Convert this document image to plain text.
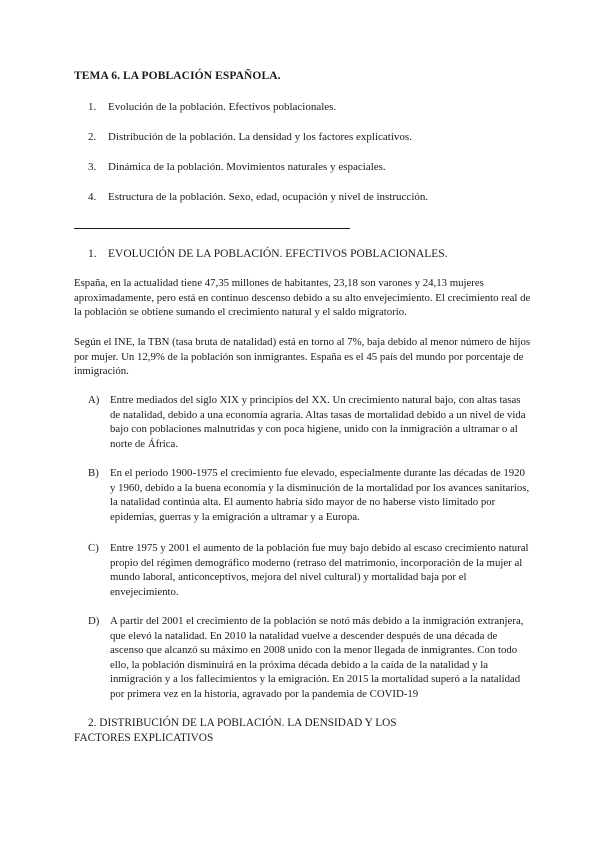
TEMA 6. LA POBLACIÓN ESPAÑOLA.
1.	Evolución de la población. Efectivos poblacionales.
2.	Distribución de la población. La densidad y los factores explicativos.
3.	Dinámica de la población. Movimientos naturales y espaciales.
4.	Estructura de la población. Sexo, edad, ocupación y nivel de instrucción.
1. EVOLUCIÓN DE LA POBLACIÓN. EFECTIVOS POBLACIONALES.
España, en la actualidad tiene 47,35 millones de habitantes, 23,18 son varones y 24,13 mujeres aproximadamente, pero está en continuo descenso debido a su alto envejecimiento. El crecimiento real de la población se obtiene sumando el crecimiento natural y el saldo migratorio.
Según el INE, la TBN (tasa bruta de natalidad) está en torno al 7%, baja debido al menor número de hijos por mujer. Un 12,9% de la población son inmigrantes. España es el 45 país del mundo por porcentaje de inmigración.
A) Entre mediados del siglo XIX y principios del XX. Un crecimiento natural bajo, con altas tasas de natalidad, debido a una economía agraria. Altas tasas de mortalidad debido a un nivel de vida bajo con poblaciones malnutridas y con poca higiene, unido con la inmigración a ultramar o al norte de África.
B)	En el periodo 1900-1975 el crecimiento fue elevado, especialmente durante las décadas de 1920 y 1960, debido a la buena economía y la disminución de la mortalidad por los avances sanitarios, la natalidad continúa alta. El aumento habría sido mayor de no haberse visto limitado por epidemias, guerras y la emigración a ultramar y a Europa.
C)	Entre 1975 y 2001 el aumento de la población fue muy bajo debido al escaso crecimiento natural propio del régimen demográfico moderno (retraso del matrimonio, incorporación de la mujer al mundo laboral, anticonceptivos, mejora del nivel cultural) y mortalidad baja por el envejecimiento.
D) A partir del 2001 el crecimiento de la población se notó más debido a la inmigración extranjera, que elevó la natalidad. En 2010 la natalidad vuelve a descender después de una década de ascenso que alcanzó su máximo en 2008 unido con la menor llegada de inmigrantes. Con todo ello, la población disminuirá en la próxima década debido a la caída de la natalidad y la inmigración y a los fallecimientos y la emigración. En 2015 la mortalidad superó a la natalidad por primera vez en la historia, agravado por la pandemia de COVID-19
2. DISTRIBUCIÓN DE LA POBLACIÓN. LA DENSIDAD Y LOS FACTORES EXPLICATIVOS
